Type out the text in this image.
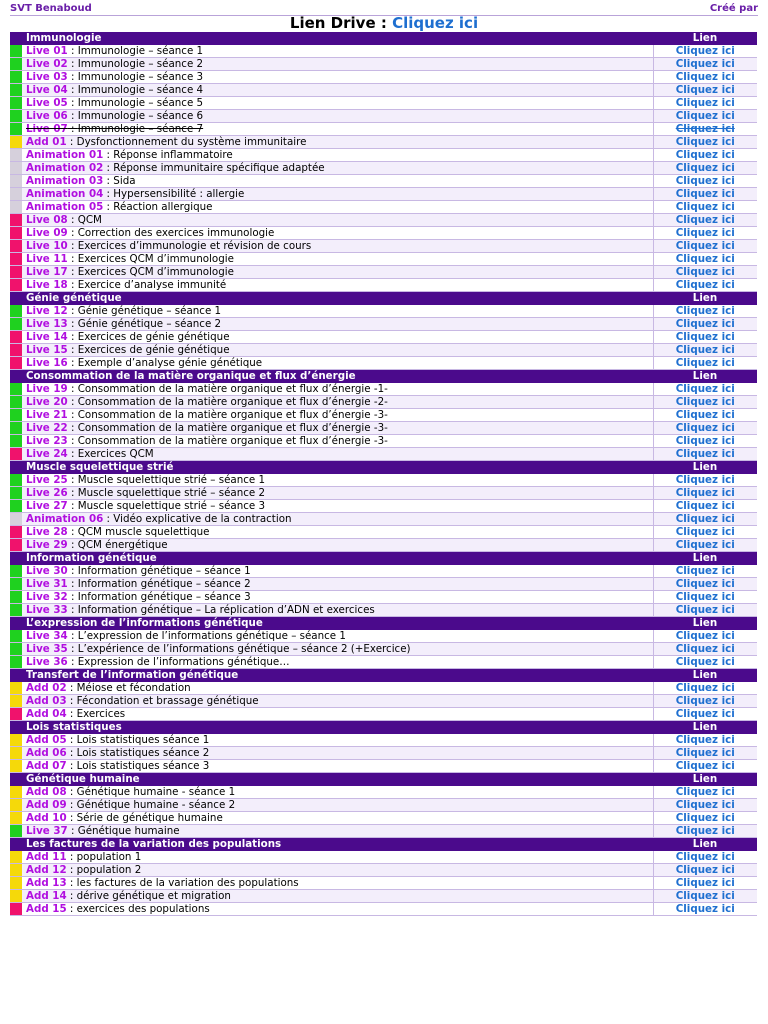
SVT Benaboud	Créé par
Lien Drive : Cliquez ici
	Immunologie	Lien
	Live 01 : Immunologie – séance 1	Cliquez ici
	Live 02 : Immunologie – séance 2	Cliquez ici
	Live 03 : Immunologie – séance 3	Cliquez ici
	Live 04 : Immunologie – séance 4	Cliquez ici
	Live 05 : Immunologie – séance 5	Cliquez ici
	Live 06 : Immunologie – séance 6	Cliquez ici
	Live 07 : Immunologie – séance 7	Cliquez ici
	Add 01 : Dysfonctionnement du système immunitaire	Cliquez ici
	Animation 01 : Réponse inflammatoire	Cliquez ici
	Animation 02 : Réponse immunitaire spécifique adaptée	Cliquez ici
	Animation 03 : Sida	Cliquez ici
	Animation 04 : Hypersensibilité : allergie	Cliquez ici
	Animation 05 : Réaction allergique	Cliquez ici
	Live 08 : QCM	Cliquez ici
	Live 09 : Correction des exercices immunologie	Cliquez ici
	Live 10 : Exercices d’immunologie et révision de cours	Cliquez ici
	Live 11 : Exercices QCM d’immunologie	Cliquez ici
	Live 17 : Exercices QCM d’immunologie	Cliquez ici
	Live 18 : Exercice d’analyse immunité	Cliquez ici
	Génie génétique	Lien
	Live 12 : Génie génétique – séance 1	Cliquez ici
	Live 13 : Génie génétique – séance 2	Cliquez ici
	Live 14 : Exercices de génie génétique	Cliquez ici
	Live 15 : Exercices de génie génétique	Cliquez ici
	Live 16 : Exemple d’analyse génie génétique	Cliquez ici
	Consommation de la matière organique et flux d’énergie	Lien
	Live 19 : Consommation de la matière organique et flux d’énergie -1-	Cliquez ici
	Live 20 : Consommation de la matière organique et flux d’énergie -2-	Cliquez ici
	Live 21 : Consommation de la matière organique et flux d’énergie -3-	Cliquez ici
	Live 22 : Consommation de la matière organique et flux d’énergie -3-	Cliquez ici
	Live 23 : Consommation de la matière organique et flux d’énergie -3-	Cliquez ici
	Live 24 : Exercices QCM	Cliquez ici
	Muscle squelettique strié	Lien
	Live 25 : Muscle squelettique strié – séance 1	Cliquez ici
	Live 26 : Muscle squelettique strié – séance 2	Cliquez ici
	Live 27 : Muscle squelettique strié – séance 3	Cliquez ici
	Animation 06 : Vidéo explicative de la contraction	Cliquez ici
	Live 28 : QCM muscle squelettique	Cliquez ici
	Live 29 : QCM énergétique	Cliquez ici
	Information génétique	Lien
	Live 30 : Information génétique – séance 1	Cliquez ici
	Live 31 : Information génétique – séance 2	Cliquez ici
	Live 32 : Information génétique – séance 3	Cliquez ici
	Live 33 : Information génétique – La réplication d’ADN et exercices	Cliquez ici
	L’expression de l’informations génétique	Lien
	Live 34 : L’expression de l’informations génétique – séance 1	Cliquez ici
	Live 35 : L’expérience de l’informations génétique – séance 2 (+Exercice)	Cliquez ici
	Live 36 : Expression de l’informations génétique…	Cliquez ici
	Transfert de l’information génétique	Lien
	Add 02 : Méiose et fécondation	Cliquez ici
	Add 03 : Fécondation et brassage génétique	Cliquez ici
	Add 04 : Exercices	Cliquez ici
	Lois statistiques	Lien
	Add 05 : Lois statistiques séance 1	Cliquez ici
	Add 06 : Lois statistiques séance 2	Cliquez ici
	Add 07 : Lois statistiques séance 3	Cliquez ici
	Génétique humaine	Lien
	Add 08 : Génétique humaine - séance 1	Cliquez ici
	Add 09 : Génétique humaine - séance 2	Cliquez ici
	Add 10 : Série de génétique humaine	Cliquez ici
	Live 37 : Génétique humaine	Cliquez ici
	Les factures de la variation des populations	Lien
	Add 11 : population 1	Cliquez ici
	Add 12 : population 2	Cliquez ici
	Add 13 : les factures de la variation des populations	Cliquez ici
	Add 14 : dérive génétique et migration	Cliquez ici
	Add 15 : exercices des populations	Cliquez ici
